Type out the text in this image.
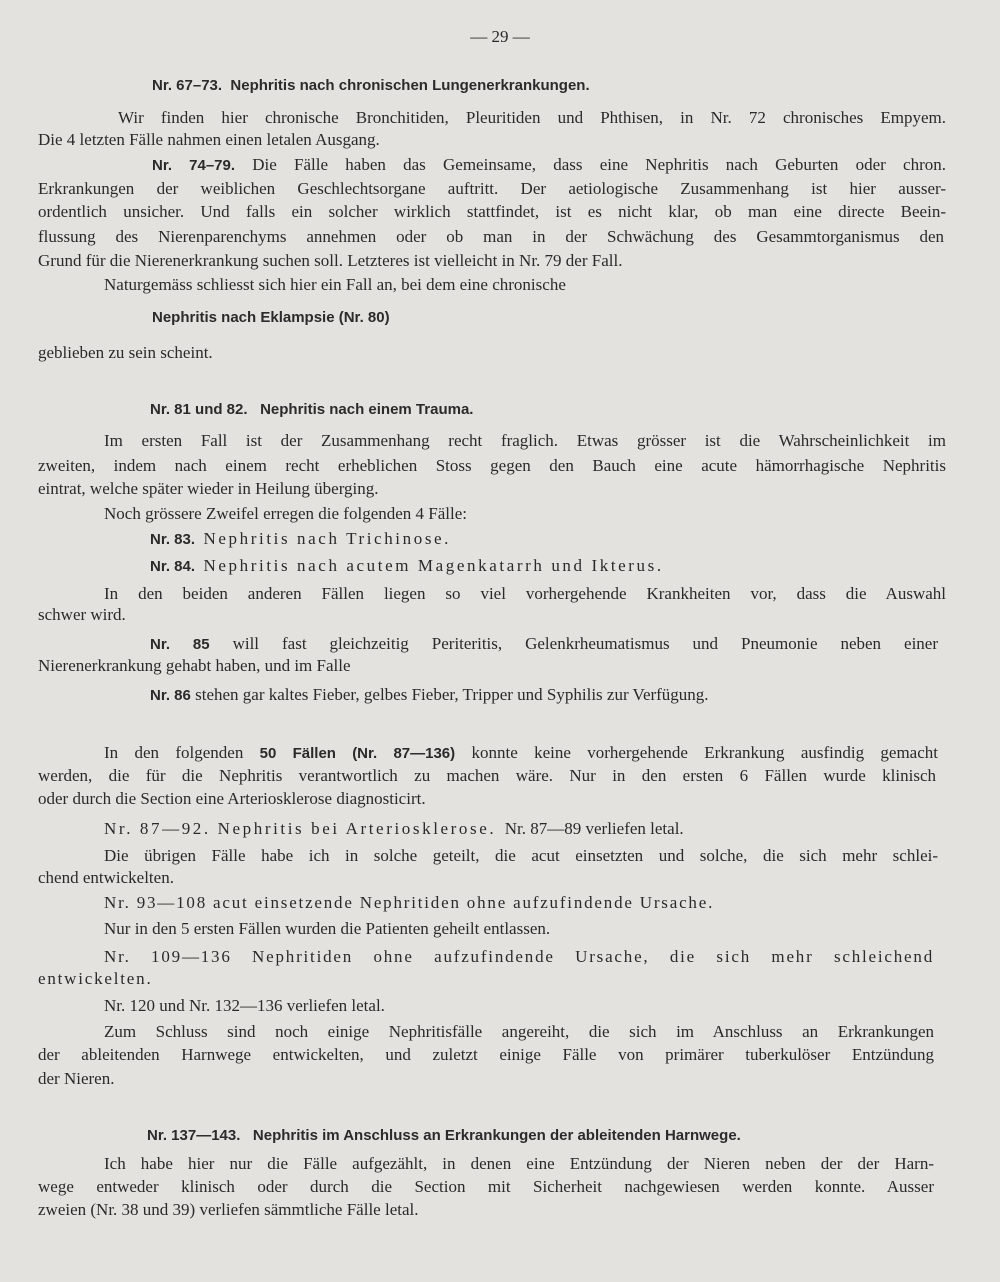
— 29 —
Nr. 67–73. Nephritis nach chronischen Lungenerkrankungen.
Wir finden hier chronische Bronchitiden, Pleuritiden und Phthisen, in Nr. 72 chronisches Empyem.
Die 4 letzten Fälle nahmen einen letalen Ausgang.
Nr. 74–79. Die Fälle haben das Gemeinsame, dass eine Nephritis nach Geburten oder chron.
Erkrankungen der weiblichen Geschlechtsorgane auftritt. Der aetiologische Zusammenhang ist hier ausser-
ordentlich unsicher. Und falls ein solcher wirklich stattfindet, ist es nicht klar, ob man eine directe Beein-
flussung des Nierenparenchyms annehmen oder ob man in der Schwächung des Gesammtorganismus den
Grund für die Nierenerkrankung suchen soll. Letzteres ist vielleicht in Nr. 79 der Fall.
Naturgemäss schliesst sich hier ein Fall an, bei dem eine chronische
Nephritis nach Eklampsie (Nr. 80)
geblieben zu sein scheint.
Nr. 81 und 82. Nephritis nach einem Trauma.
Im ersten Fall ist der Zusammenhang recht fraglich. Etwas grösser ist die Wahrscheinlichkeit im
zweiten, indem nach einem recht erheblichen Stoss gegen den Bauch eine acute hämorrhagische Nephritis
eintrat, welche später wieder in Heilung überging.
Noch grössere Zweifel erregen die folgenden 4 Fälle:
Nr. 83. Nephritis nach Trichinose.
Nr. 84. Nephritis nach acutem Magenkatarrh und Ikterus.
In den beiden anderen Fällen liegen so viel vorhergehende Krankheiten vor, dass die Auswahl
schwer wird.
Nr. 85 will fast gleichzeitig Periteritis, Gelenkrheumatismus und Pneumonie neben einer
Nierenerkrankung gehabt haben, und im Falle
Nr. 86 stehen gar kaltes Fieber, gelbes Fieber, Tripper und Syphilis zur Verfügung.
In den folgenden 50 Fällen (Nr. 87—136) konnte keine vorhergehende Erkrankung ausfindig gemacht
werden, die für die Nephritis verantwortlich zu machen wäre. Nur in den ersten 6 Fällen wurde klinisch
oder durch die Section eine Arteriosklerose diagnosticirt.
Nr. 87—92. Nephritis bei Arteriosklerose. Nr. 87—89 verliefen letal.
Die übrigen Fälle habe ich in solche geteilt, die acut einsetzten und solche, die sich mehr schlei-
chend entwickelten.
Nr. 93—108 acut einsetzende Nephritiden ohne aufzufindende Ursache.
Nur in den 5 ersten Fällen wurden die Patienten geheilt entlassen.
Nr. 109—136 Nephritiden ohne aufzufindende Ursache, die sich mehr schleichend
entwickelten.
Nr. 120 und Nr. 132—136 verliefen letal.
Zum Schluss sind noch einige Nephritisfälle angereiht, die sich im Anschluss an Erkrankungen
der ableitenden Harnwege entwickelten, und zuletzt einige Fälle von primärer tuberkulöser Entzündung
der Nieren.
Nr. 137—143. Nephritis im Anschluss an Erkrankungen der ableitenden Harnwege.
Ich habe hier nur die Fälle aufgezählt, in denen eine Entzündung der Nieren neben der der Harn-
wege entweder klinisch oder durch die Section mit Sicherheit nachgewiesen werden konnte. Ausser
zweien (Nr. 38 und 39) verliefen sämmtliche Fälle letal.
